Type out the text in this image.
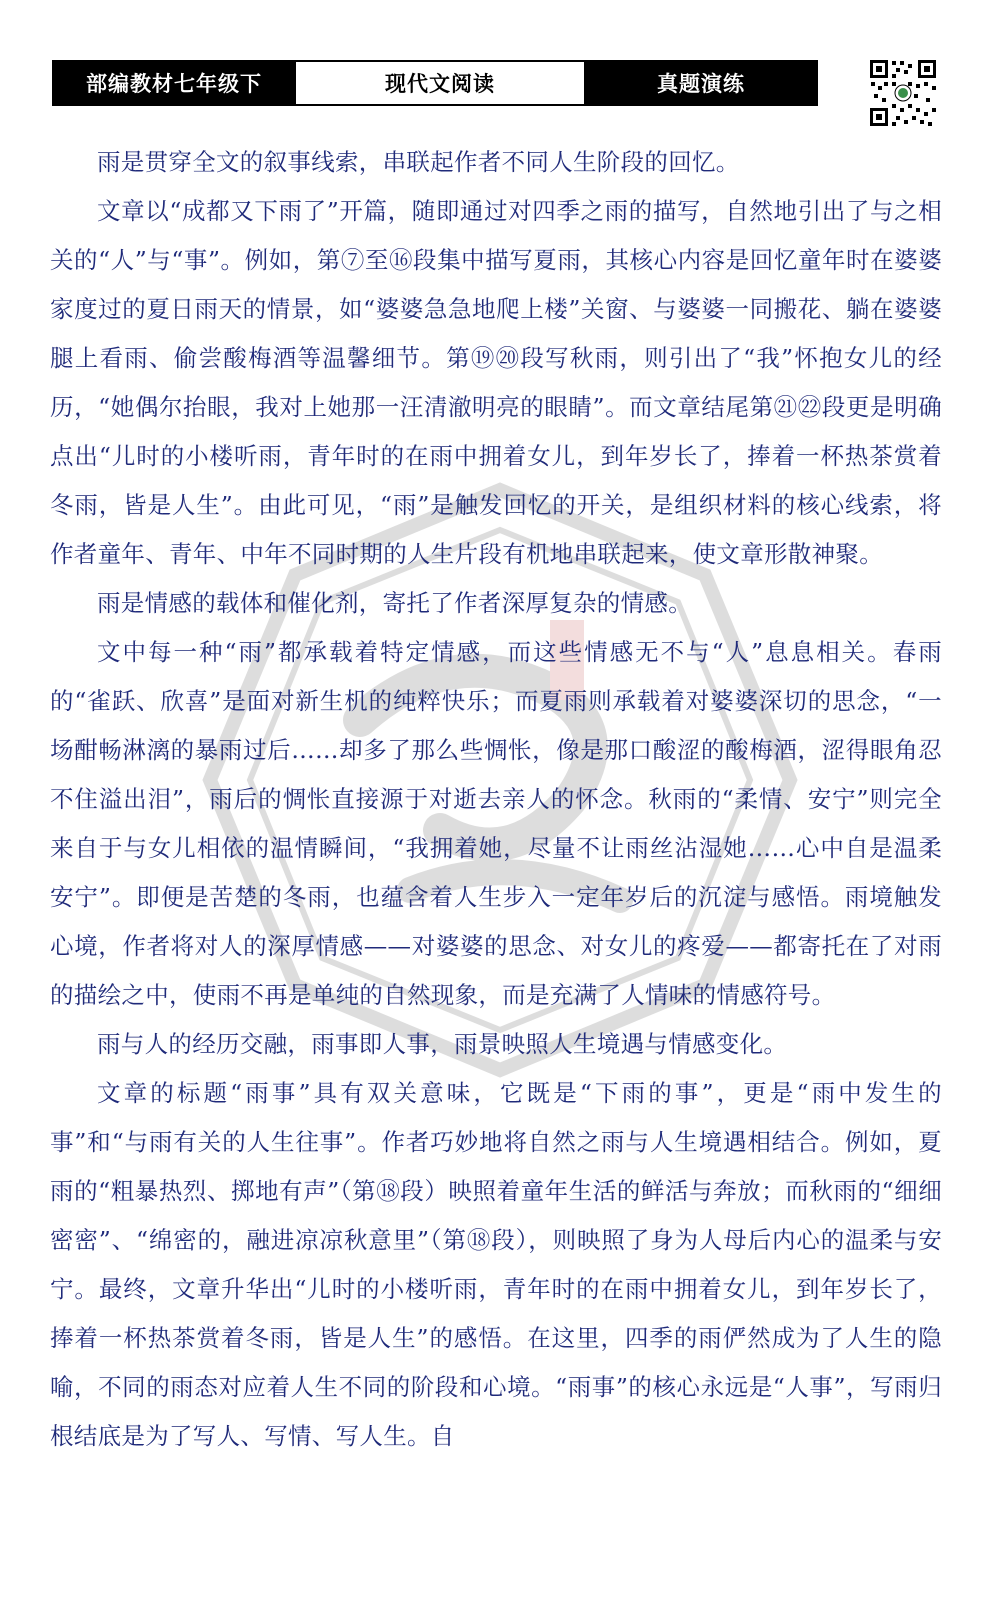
部编教材七年级下	现代文阅读	真题演练

雨是贯穿全文的叙事线索，串联起作者不同人生阶段的回忆。

文章以“成都又下雨了”开篇，随即通过对四季之雨的描写，自然地引出了与之相关的“人”与“事”。例如，第⑦至⑯段集中描写夏雨，其核心内容是回忆童年时在婆婆家度过的夏日雨天的情景，如“婆婆急急地爬上楼”关窗、与婆婆一同搬花、躺在婆婆腿上看雨、偷尝酸梅酒等温馨细节。第⑲⑳段写秋雨，则引出了“我”怀抱女儿的经历，“她偶尔抬眼，我对上她那一汪清澈明亮的眼睛”。而文章结尾第㉑㉒段更是明确点出“儿时的小楼听雨，青年时的在雨中拥着女儿，到年岁长了，捧着一杯热茶赏着冬雨，皆是人生”。由此可见，“雨”是触发回忆的开关，是组织材料的核心线索，将作者童年、青年、中年不同时期的人生片段有机地串联起来，使文章形散神聚。

雨是情感的载体和催化剂，寄托了作者深厚复杂的情感。

文中每一种“雨”都承载着特定情感，而这些情感无不与“人”息息相关。春雨的“雀跃、欣喜”是面对新生机的纯粹快乐；而夏雨则承载着对婆婆深切的思念，“一场酣畅淋漓的暴雨过后……却多了那么些惆怅，像是那口酸涩的酸梅酒，涩得眼角忍不住溢出泪”，雨后的惆怅直接源于对逝去亲人的怀念。秋雨的“柔情、安宁”则完全来自于与女儿相依的温情瞬间，“我拥着她，尽量不让雨丝沾湿她……心中自是温柔安宁”。即便是苦楚的冬雨，也蕴含着人生步入一定年岁后的沉淀与感悟。雨境触发心境，作者将对人的深厚情感——对婆婆的思念、对女儿的疼爱——都寄托在了对雨的描绘之中，使雨不再是单纯的自然现象，而是充满了人情味的情感符号。

雨与人的经历交融，雨事即人事，雨景映照人生境遇与情感变化。

文章的标题“雨事”具有双关意味，它既是“下雨的事”，更是“雨中发生的事”和“与雨有关的人生往事”。作者巧妙地将自然之雨与人生境遇相结合。例如，夏雨的“粗暴热烈、掷地有声”（第⑱段）映照着童年生活的鲜活与奔放；而秋雨的“细细密密”、“绵密的，融进凉凉秋意里”（第⑱段），则映照了身为人母后内心的温柔与安宁。最终，文章升华出“儿时的小楼听雨，青年时的在雨中拥着女儿，到年岁长了，捧着一杯热茶赏着冬雨，皆是人生”的感悟。在这里，四季的雨俨然成为了人生的隐喻，不同的雨态对应着人生不同的阶段和心境。“雨事”的核心永远是“人事”，写雨归根结底是为了写人、写情、写人生。自
